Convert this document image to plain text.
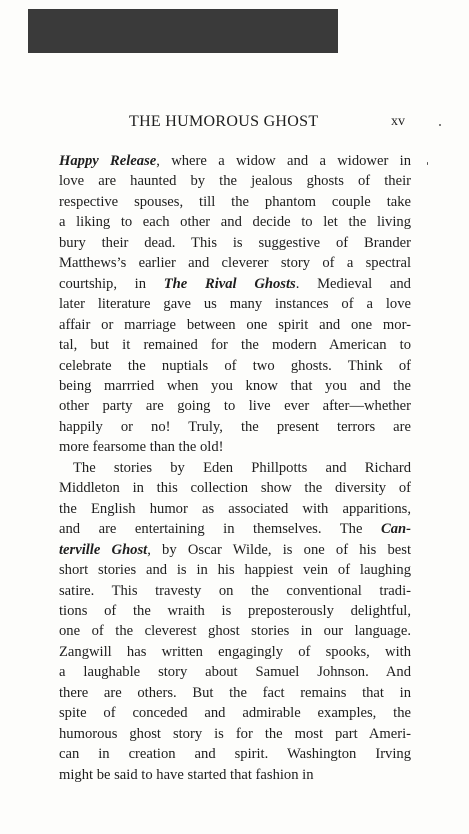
THE HUMOROUS GHOST	xv
Happy Release, where a widow and a widower in
love are haunted by the jealous ghosts of their
respective spouses, till the phantom couple take
a liking to each other and decide to let the living
bury their dead. This is suggestive of Brander
Matthews’s earlier and cleverer story of a spectral
courtship, in The Rival Ghosts. Medieval and
later literature gave us many instances of a love
affair or marriage between one spirit and one mor-
tal, but it remained for the modern American to
celebrate the nuptials of two ghosts. Think of
being marrried when you know that you and the
other party are going to live ever after—whether
happily or no! Truly, the present terrors are
more fearsome than the old!
The stories by Eden Phillpotts and Richard
Middleton in this collection show the diversity of
the English humor as associated with apparitions,
and are entertaining in themselves. The Can-
terville Ghost, by Oscar Wilde, is one of his best
short stories and is in his happiest vein of laughing
satire. This travesty on the conventional tradi-
tions of the wraith is preposterously delightful,
one of the cleverest ghost stories in our language.
Zangwill has written engagingly of spooks, with
a laughable story about Samuel Johnson. And
there are others. But the fact remains that in
spite of conceded and admirable examples, the
humorous ghost story is for the most part Ameri-
can in creation and spirit. Washington Irving
might be said to have started that fashion in
